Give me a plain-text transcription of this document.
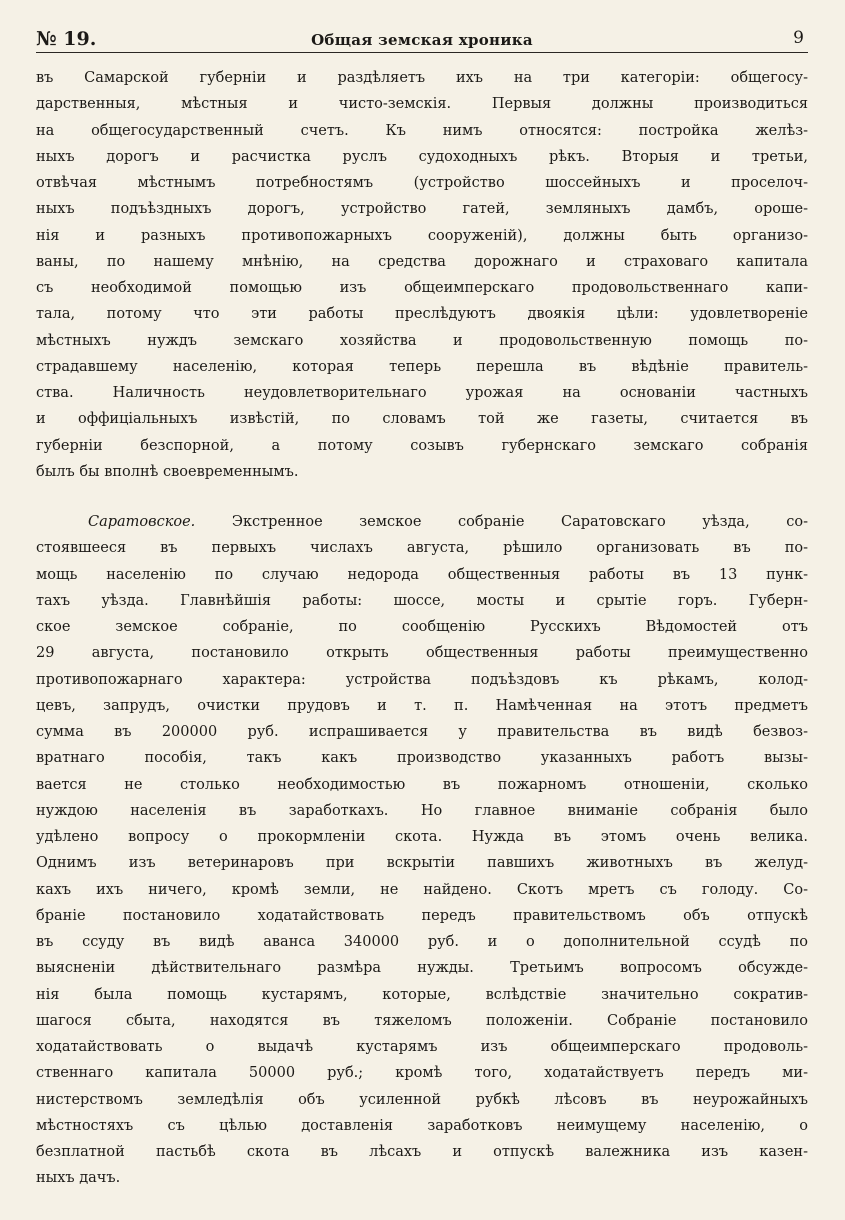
№ 19.	Общая земская хроника	9
въ Самарской губерніи и раздѣляетъ ихъ на три категоріи: общегосу-
дарственныя, мѣстныя и чисто-земскія. Первыя должны производиться
на общегосударственный счетъ. Къ нимъ относятся: постройка желѣз-
ныхъ дорогъ и расчистка руслъ судоходныхъ рѣкъ. Вторыя и третьи,
отвѣчая мѣстнымъ потребностямъ (устройство шоссейныхъ и проселоч-
ныхъ подъѣздныхъ дорогъ, устройство гатей, земляныхъ дамбъ, ороше-
нія и разныхъ противопожарныхъ сооруженій), должны быть организо-
ваны, по нашему мнѣнію, на средства дорожнаго и страховаго капитала
съ необходимой помощью изъ общеимперскаго продовольственнаго капи-
тала, потому что эти работы преслѣдуютъ двоякія цѣли: удовлетвореніе
мѣстныхъ нуждъ земскаго хозяйства и продовольственную помощь по-
страдавшему населенію, которая теперь перешла въ вѣдѣніе правитель-
ства. Наличность неудовлетворительнаго урожая на основаніи частныхъ
и оффиціальныхъ извѣстій, по словамъ той же газеты, считается въ
губерніи безспорной, а потому созывъ губернскаго земскаго собранія
былъ бы вполнѣ своевременнымъ.
Саратовское. Экстренное земское собраніе Саратовскаго уѣзда, со-
стоявшееся въ первыхъ числахъ августа, рѣшило организовать въ по-
мощь населенію по случаю недорода общественныя работы въ 13 пунк-
тахъ уѣзда. Главнѣйшія работы: шоссе, мосты и срытіе горъ. Губерн-
ское земское собраніе, по сообщенію Русскихъ Вѣдомостей отъ
29 августа, постановило открыть общественныя работы преимущественно
противопожарнаго характера: устройства подъѣздовъ къ рѣкамъ, колод-
цевъ, запрудъ, очистки прудовъ и т. п. Намѣченная на этотъ предметъ
сумма въ 200000 руб. испрашивается у правительства въ видѣ безвоз-
вратнаго пособія, такъ какъ производство указанныхъ работъ вызы-
вается не столько необходимостью въ пожарномъ отношеніи, сколько
нуждою населенія въ заработкахъ. Но главное вниманіе собранія было
удѣлено вопросу о прокормленіи скота. Нужда въ этомъ очень велика.
Однимъ изъ ветеринаровъ при вскрытіи павшихъ животныхъ въ желуд-
кахъ ихъ ничего, кромѣ земли, не найдено. Скотъ мретъ съ голоду. Со-
браніе постановило ходатайствовать передъ правительствомъ объ отпускѣ
въ ссуду въ видѣ аванса 340000 руб. и о дополнительной ссудѣ по
выясненіи дѣйствительнаго размѣра нужды. Третьимъ вопросомъ обсужде-
нія была помощь кустарямъ, которые, вслѣдствіе значительно сократив-
шагося сбыта, находятся въ тяжеломъ положеніи. Собраніе постановило
ходатайствовать о выдачѣ кустарямъ изъ общеимперскаго продоволь-
ственнаго капитала 50000 руб.; кромѣ того, ходатайствуетъ передъ ми-
нистерствомъ земледѣлія объ усиленной рубкѣ лѣсовъ въ неурожайныхъ
мѣстностяхъ съ цѣлью доставленія заработковъ неимущему населенію, о
безплатной пастьбѣ скота въ лѣсахъ и отпускѣ валежника изъ казен-
ныхъ дачъ.
